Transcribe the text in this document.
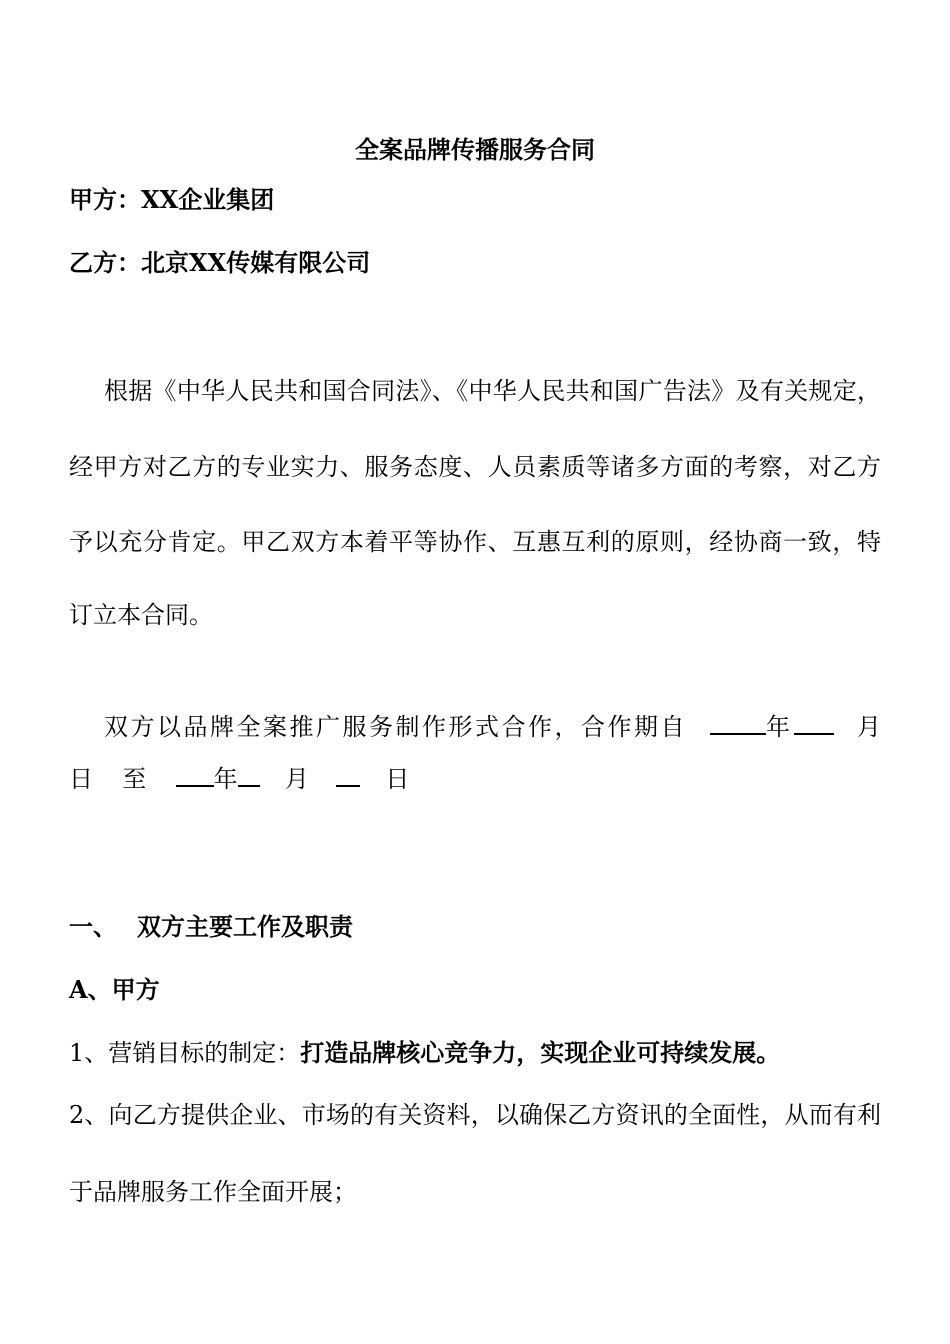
全案品牌传播服务合同
甲方：XX企业集团
乙方：北京XX传媒有限公司
根据《中华人民共和国合同法》、《中华人民共和国广告法》及有关规定，
经甲方对乙方的专业实力、服务态度、人员素质等诸多方面的考察，对乙方
予以充分肯定。甲乙双方本着平等协作、互惠互利的原则，经协商一致，特
订立本合同。
双方以品牌全案推广服务制作形式合作，合作期自	年	月
日 至	年 月	日
一、 双方主要工作及职责
A、甲方
1、营销目标的制定：打造品牌核心竞争力，实现企业可持续发展。
2、向乙方提供企业、市场的有关资料，以确保乙方资讯的全面性，从而有利
于品牌服务工作全面开展；
